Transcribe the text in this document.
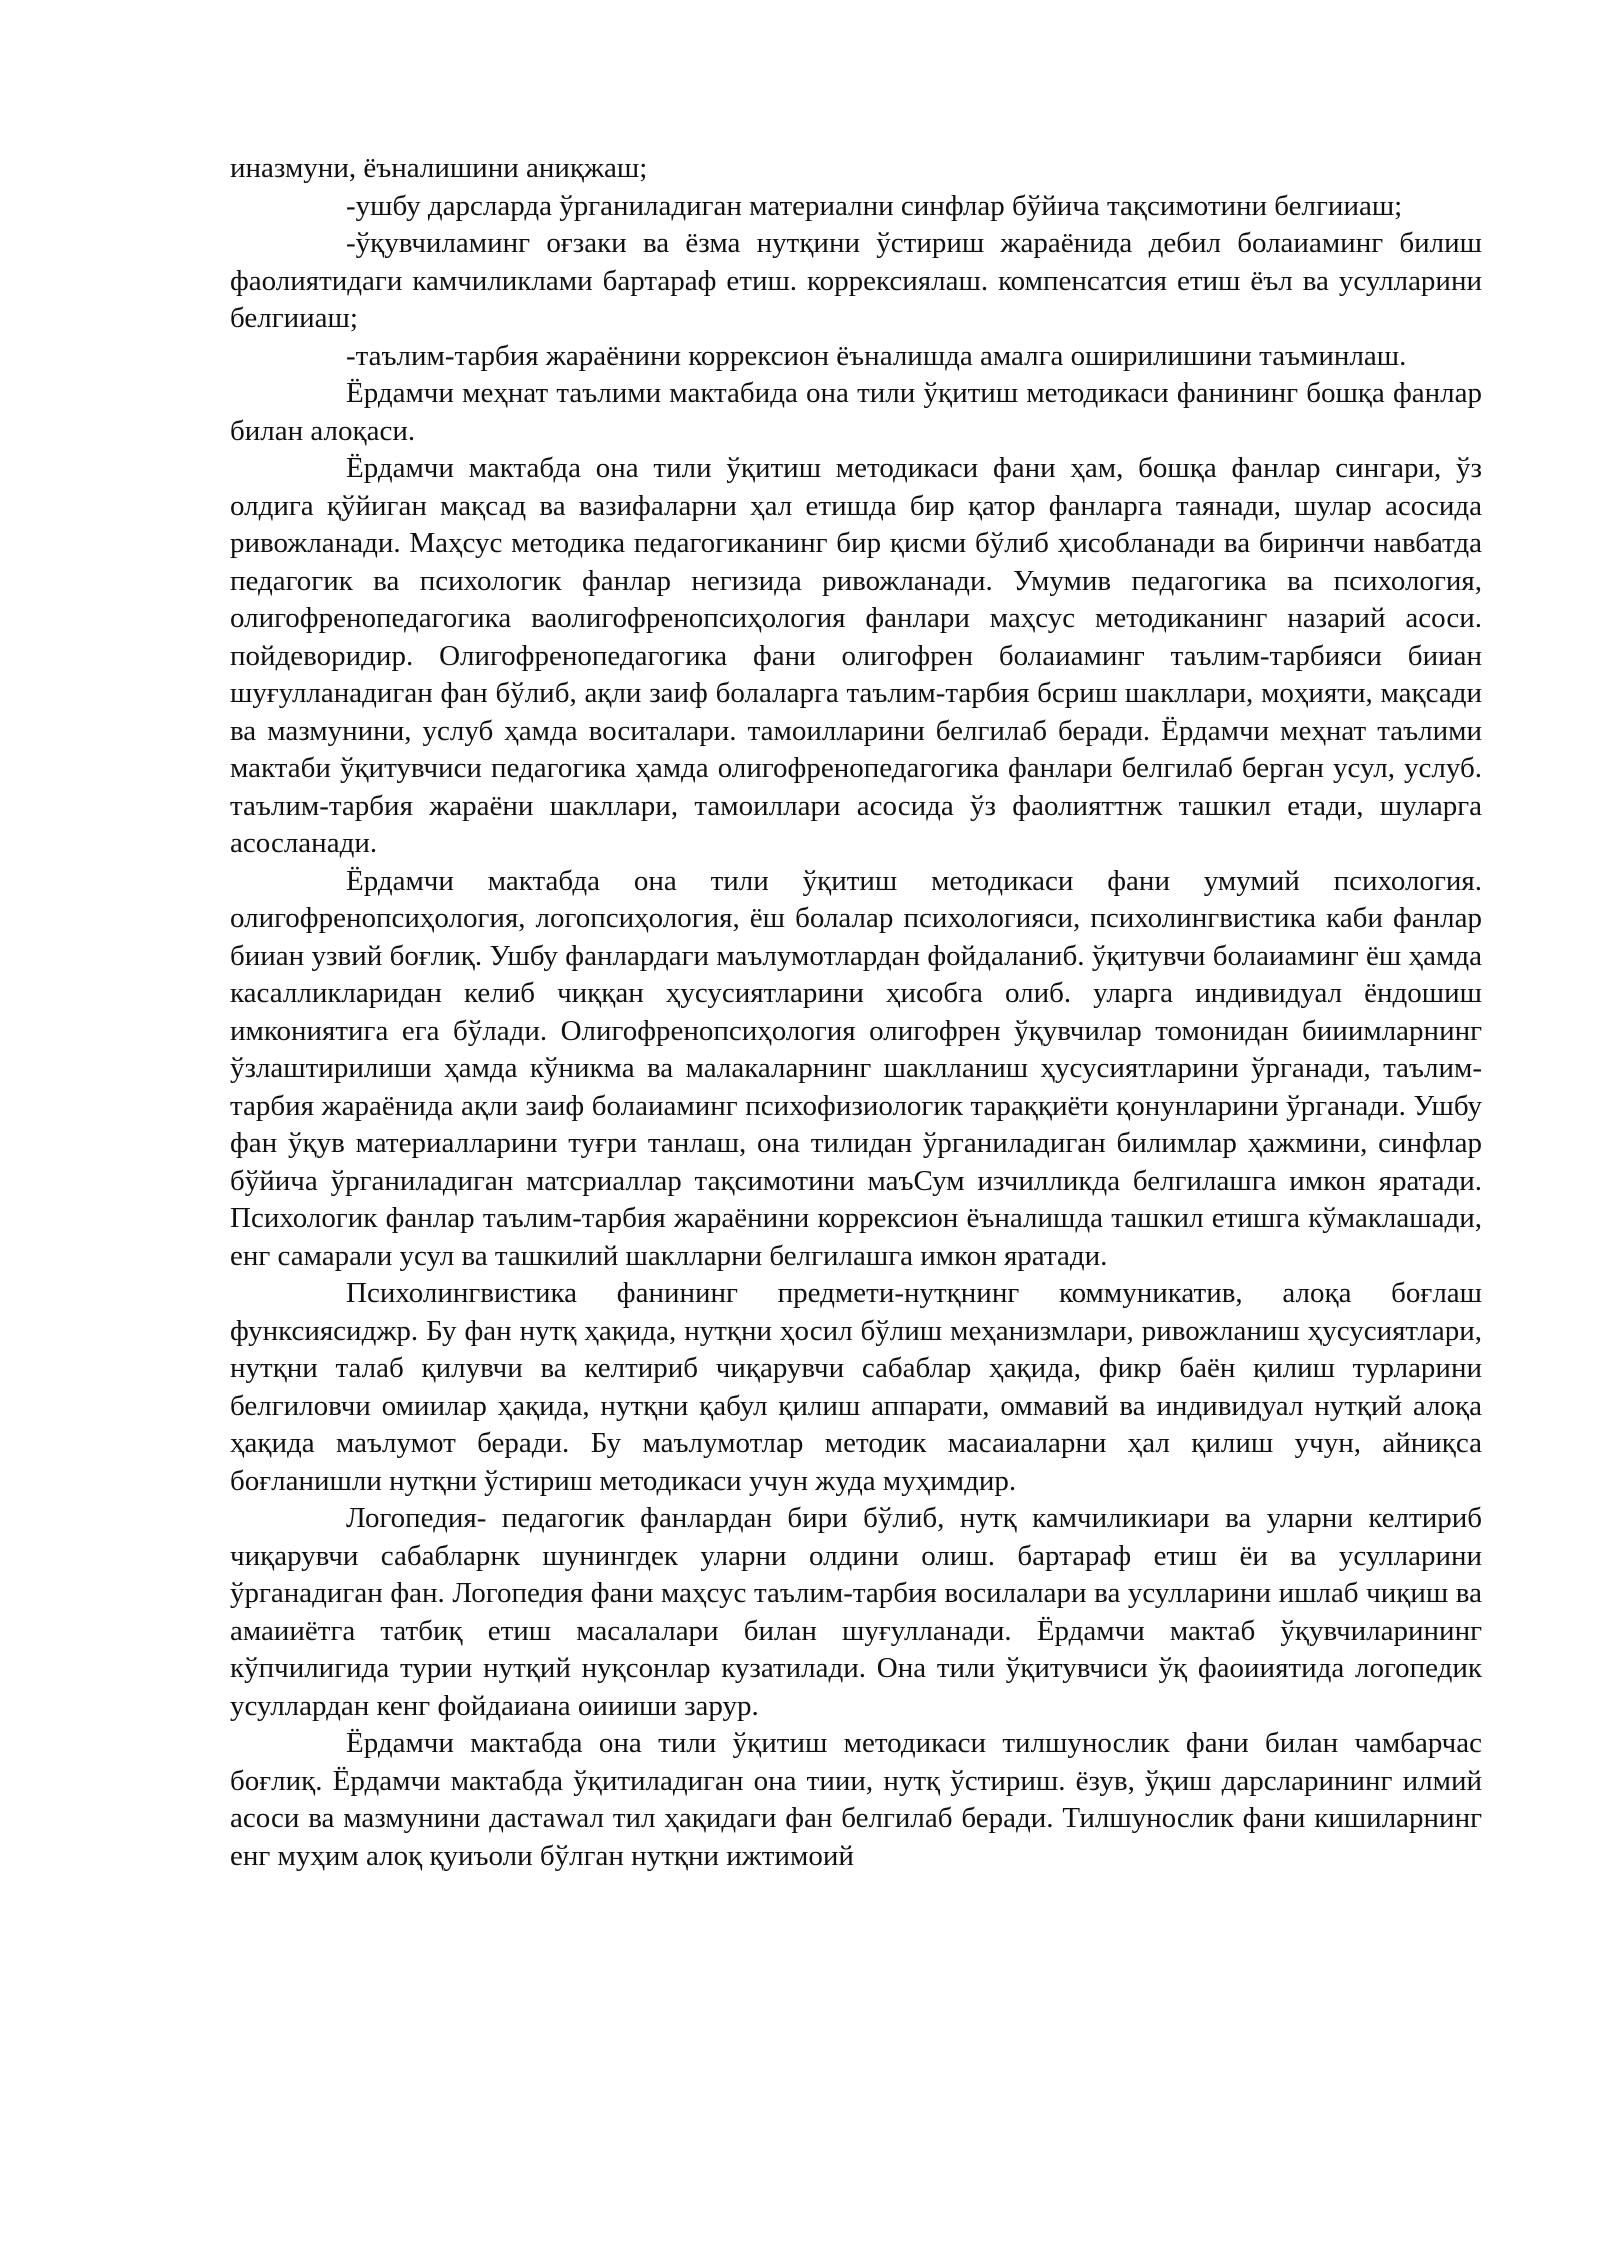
иназмуни, ёъналишини аниқжаш;

-ушбу дарсларда ўрганиладиган материални синфлар бўйича тақсимотини белгииаш;

-ўқувчиламинг оғзаки ва ёзма нутқини ўстириш жараёнида дебил болаиаминг билиш фаолиятидаги камчиликлами бартараф етиш. коррексиялаш. компенсатсия етиш ёъл ва усулларини белгииаш;

-таълим-тарбия жараёнини коррексион ёъналишда амалга оширилишини таъминлаш.

Ёрдамчи меҳнат таълими мактабида она тили ўқитиш методикаси фанининг бошқа фанлар билан алоқаси.

Ёрдамчи мактабда она тили ўқитиш методикаси фани ҳам, бошқа фанлар сингари, ўз олдига қўйиган мақсад ва вазифаларни ҳал етишда бир қатор фанларга таянади, шулар асосида ривожланади. Маҳсус методика педагогиканинг бир қисми бўлиб ҳисобланади ва биринчи навбатда педагогик ва психологик фанлар негизида ривожланади. Умумив педагогика ва психология, олигофренопедагогика ваолигофренопсиҳология фанлари маҳсус методиканинг назарий асоси. пойдеворидир. Олигофренопедагогика фани олигофрен болаиаминг таълим-тарбияси бииан шуғулланадиган фан бўлиб, ақли заиф болаларга таълим-тарбия бсриш шакллари, моҳияти, мақсади ва мазмунини, услуб ҳамда воситалари. тамоилларини белгилаб беради. Ёрдамчи меҳнат таълими мактаби ўқитувчиси педагогика ҳамда олигофренопедагогика фанлари белгилаб берган усул, услуб. таълим-тарбия жараёни шакллари, тамоиллари асосида ўз фаолияттнж ташкил етади, шуларга асосланади.

Ёрдамчи мактабда она тили ўқитиш методикаси фани умумий психология. олигофренопсиҳология, логопсиҳология, ёш болалар психологияси, психолингвистика каби фанлар бииан узвий боғлиқ. Ушбу фанлардаги маълумотлардан фойдаланиб. ўқитувчи болаиаминг ёш ҳамда касалликларидан келиб чиққан ҳусусиятларини ҳисобга олиб. уларга индивидуал ёндошиш имкониятига ега бўлади. Олигофренопсиҳология олигофрен ўқувчилар томонидан бииимларнинг ўзлаштирилиши ҳамда кўникма ва малакаларнинг шаклланиш ҳусусиятларини ўрганади, таълим-тарбия жараёнида ақли заиф болаиаминг психофизиологик тараққиёти қонунларини ўрганади. Ушбу фан ўқув материалларини туғри танлаш, она тилидан ўрганиладиган билимлар ҳажмини, синфлар бўйича ўрганиладиган матсриаллар тақсимотини маъСум изчилликда белгилашга имкон яратади. Психологик фанлар таълим-тарбия жараёнини коррексион ёъналишда ташкил етишга кўмаклашади, енг самарали усул ва ташкилий шаклларни белгилашга имкон яратади.

Психолингвистика фанининг предмети-нутқнинг коммуникатив, алоқа боғлаш функсиясиджр. Бу фан нутқ ҳақида, нутқни ҳосил бўлиш меҳанизмлари, ривожланиш ҳусусиятлари, нутқни талаб қилувчи ва келтириб чиқарувчи сабаблар ҳақида, фикр баён қилиш турларини белгиловчи омиилар ҳақида, нутқни қабул қилиш аппарати, оммавий ва индивидуал нутқий алоқа ҳақида маълумот беради. Бу маълумотлар методик масаиаларни ҳал қилиш учун, айниқса боғланишли нутқни ўстириш методикаси учун жуда муҳимдир.

Логопедия- педагогик фанлардан бири бўлиб, нутқ камчиликиари ва уларни келтириб чиқарувчи сабабларнк шунингдек уларни олдини олиш. бартараф етиш ёи ва усулларини ўрганадиган фан. Логопедия фани маҳсус таълим-тарбия восилалари ва усулларини ишлаб чиқиш ва амаииётга татбиқ етиш масалалари билан шуғулланади. Ёрдамчи мактаб ўқувчиларининг кўпчилигида турии нутқий нуқсонлар кузатилади. Она тили ўқитувчиси ўқ фаоииятида логопедик усуллардан кенг фойдаиана оиииши зарур.

Ёрдамчи мактабда она тили ўқитиш методикаси тилшунослик фани билан чамбарчас боғлиқ. Ёрдамчи мактабда ўқитиладиган она тиии, нутқ ўстириш. ёзув, ўқиш дарсларининг илмий асоси ва мазмунини дастаwал тил ҳақидаги фан белгилаб беради. Тилшунослик фани кишиларнинг енг муҳим алоқ қуиъоли бўлган нутқни ижтимоий
